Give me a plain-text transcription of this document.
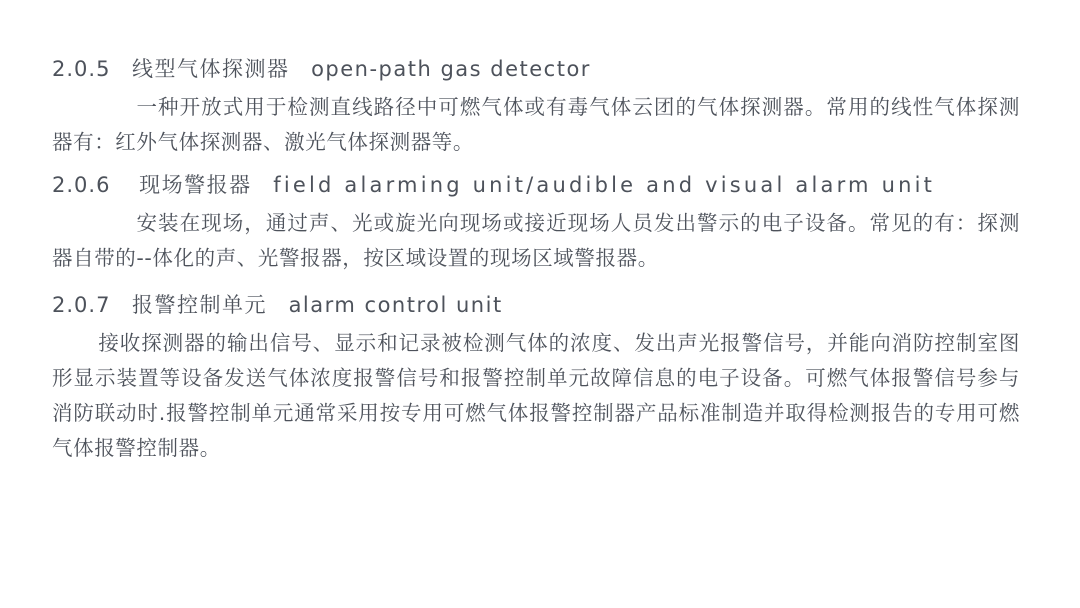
2.0.5 线型气体探测器 open-path gas detector
一种开放式用于检测直线路径中可燃气体或有毒气体云团的气体探测器。常用的线性气体探测器有：红外气体探测器、激光气体探测器等。
2.0.6 现场警报器 field alarming unit/audible and visual alarm unit
安装在现场，通过声、光或旋光向现场或接近现场人员发出警示的电子设备。常见的有：探测器自带的--体化的声、光警报器，按区域设置的现场区域警报器。
2.0.7 报警控制单元 alarm control unit
接收探测器的输出信号、显示和记录被检测气体的浓度、发出声光报警信号，并能向消防控制室图形显示装置等设备发送气体浓度报警信号和报警控制单元故障信息的电子设备。可燃气体报警信号参与消防联动时.报警控制单元通常采用按专用可燃气体报警控制器产品标准制造并取得检测报告的专用可燃气体报警控制器。
